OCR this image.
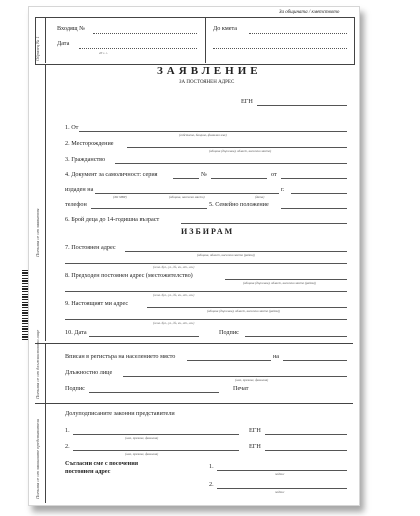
За общината / кметството
Образец № 1
Входящ №
Дата
20 г. г.
До кмета
ЗАЯВЛЕНИЕ
ЗА ПОСТОЯНЕН АДРЕС
ЕГН
Попълва се от заявителя
1. От
(собствено, бащино, фамилно име)
2. Месторождение
(община (държава), област, населено място)
3. Гражданство
4. Документ за самоличност: серия	№	от
издаден на
(ЛК МВР)	(община, населено място)	(дата)
г.
телефон	5. Семейно положение
6. Брой деца до 14-годишна възраст
ИЗБИРАМ
7. Постоянен адрес
(община, област, населено място (район))
(жил. бул., ул., №, вх., ет., ап.)
8. Предходен постоянен адрес (местожителство)
(община (държава), област, населено място (район))
(жил. бул., ул., №, вх., ет., ап.)
9. Настоящият ми адрес
(община (държава), област, населено място (район))
(жил. бул., ул., №, вх., ет., ап.)
10. Дата	Подпис
Попълва се от длъжностното лице	Вписан в регистъра на населението място	на
Длъжностно лице
(име, презиме, фамилия)
Подпис	Печат
Попълва се от законните представители
Долуподписаните законни представители
1.
(име, презиме, фамилия)
ЕГН
2.
(име, презиме, фамилия)
ЕГН
Съгласни сме с посочения
постоянен адрес
1.
подпис
2.
подпис
